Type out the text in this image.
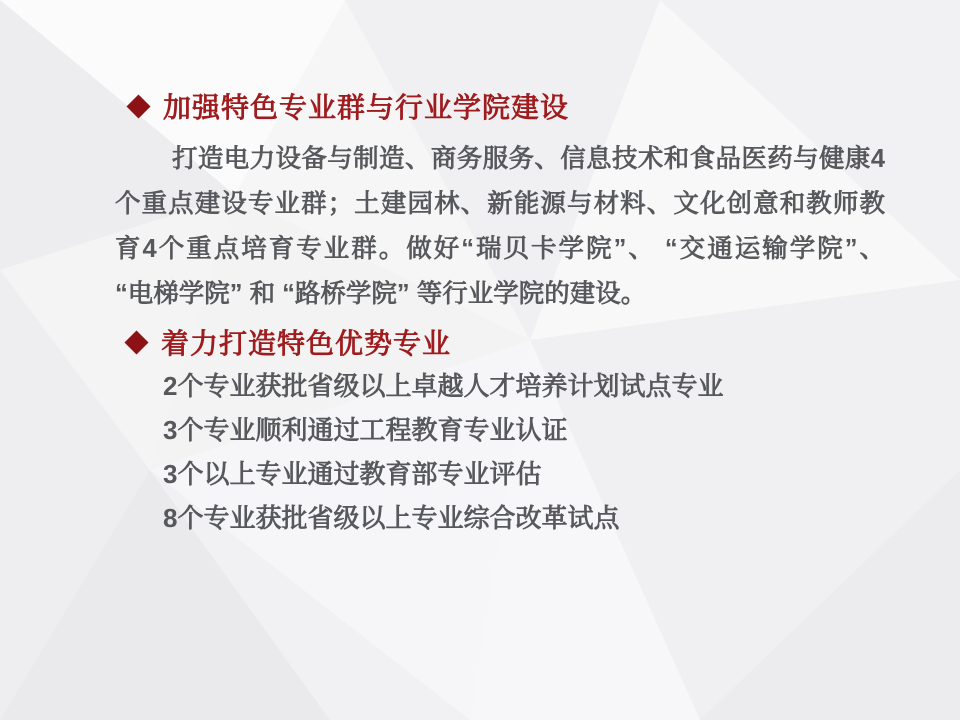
加强特色专业群与行业学院建设
打造电力设备与制造、商务服务、信息技术和食品医药与健康4
个重点建设专业群；土建园林、新能源与材料、文化创意和教师教
育4个重点培育专业群。做好“瑞贝卡学院”、 “交通运输学院”、
“电梯学院” 和 “路桥学院” 等行业学院的建设。
着力打造特色优势专业
2个专业获批省级以上卓越人才培养计划试点专业
3个专业顺利通过工程教育专业认证
3个以上专业通过教育部专业评估
8个专业获批省级以上专业综合改革试点
